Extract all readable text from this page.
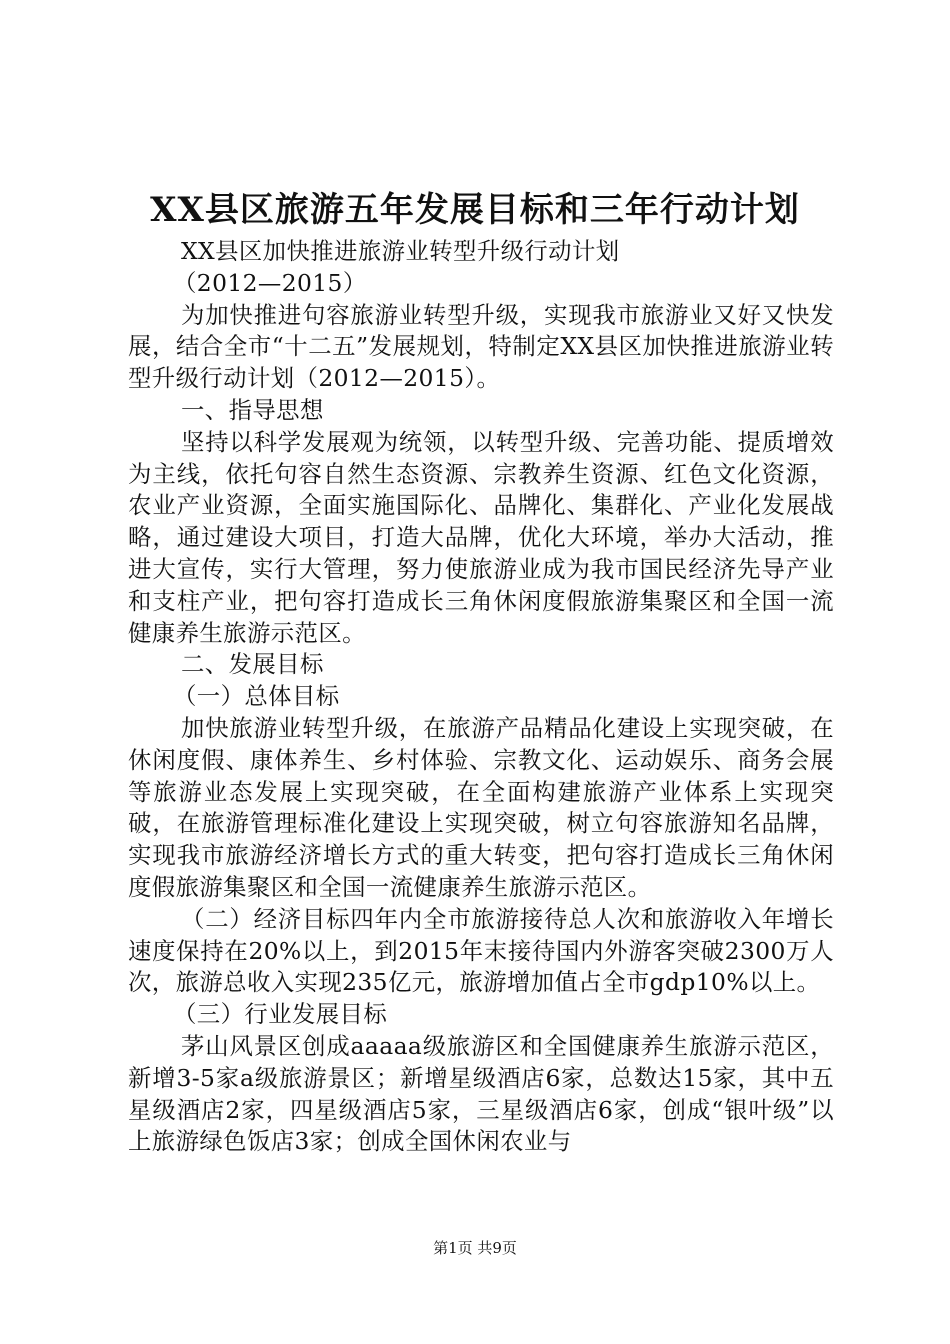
XX县区旅游五年发展目标和三年行动计划

XX县区加快推进旅游业转型升级行动计划

（2012—2015）

为加快推进句容旅游业转型升级，实现我市旅游业又好又快发展，结合全市“十二五”发展规划，特制定XX县区加快推进旅游业转型升级行动计划（2012—2015）。

一、指导思想

坚持以科学发展观为统领，以转型升级、完善功能、提质增效为主线，依托句容自然生态资源、宗教养生资源、红色文化资源，农业产业资源，全面实施国际化、品牌化、集群化、产业化发展战略，通过建设大项目，打造大品牌，优化大环境，举办大活动，推进大宣传，实行大管理，努力使旅游业成为我市国民经济先导产业和支柱产业，把句容打造成长三角休闲度假旅游集聚区和全国一流健康养生旅游示范区。

二、发展目标

（一）总体目标

加快旅游业转型升级，在旅游产品精品化建设上实现突破，在休闲度假、康体养生、乡村体验、宗教文化、运动娱乐、商务会展等旅游业态发展上实现突破，在全面构建旅游产业体系上实现突破，在旅游管理标准化建设上实现突破，树立句容旅游知名品牌，实现我市旅游经济增长方式的重大转变，把句容打造成长三角休闲度假旅游集聚区和全国一流健康养生旅游示范区。

（二）经济目标四年内全市旅游接待总人次和旅游收入年增长速度保持在20%以上，到2015年末接待国内外游客突破2300万人次，旅游总收入实现235亿元，旅游增加值占全市gdp10%以上。

（三）行业发展目标

茅山风景区创成aaaaa级旅游区和全国健康养生旅游示范区，新增3-5家a级旅游景区；新增星级酒店6家，总数达15家，其中五星级酒店2家，四星级酒店5家，三星级酒店6家，创成“银叶级”以上旅游绿色饭店3家；创成全国休闲农业与

第1页 共9页
